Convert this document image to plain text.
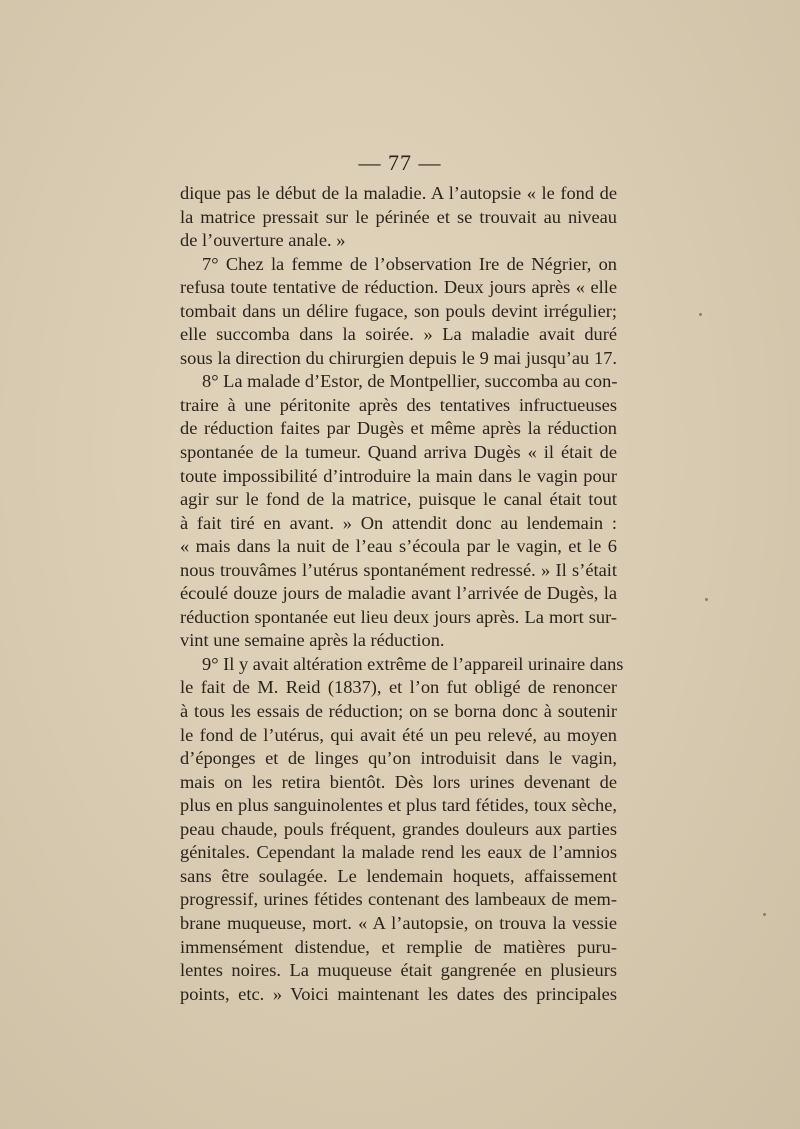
— 77 —
dique pas le début de la maladie. A l’autopsie « le fond de
la matrice pressait sur le périnée et se trouvait au niveau
de l’ouverture anale. »
7° Chez la femme de l’observation Ire de Négrier, on
refusa toute tentative de réduction. Deux jours après « elle
tombait dans un délire fugace, son pouls devint irrégulier;
elle succomba dans la soirée. » La maladie avait duré
sous la direction du chirurgien depuis le 9 mai jusqu’au 17.
8° La malade d’Estor, de Montpellier, succomba au con-
traire à une péritonite après des tentatives infructueuses
de réduction faites par Dugès et même après la réduction
spontanée de la tumeur. Quand arriva Dugès « il était de
toute impossibilité d’introduire la main dans le vagin pour
agir sur le fond de la matrice, puisque le canal était tout
à fait tiré en avant. » On attendit donc au lendemain :
« mais dans la nuit de l’eau s’écoula par le vagin, et le 6
nous trouvâmes l’utérus spontanément redressé. » Il s’était
écoulé douze jours de maladie avant l’arrivée de Dugès, la
réduction spontanée eut lieu deux jours après. La mort sur-
vint une semaine après la réduction.
9° Il y avait altération extrême de l’appareil urinaire dans
le fait de M. Reid (1837), et l’on fut obligé de renoncer
à tous les essais de réduction; on se borna donc à soutenir
le fond de l’utérus, qui avait été un peu relevé, au moyen
d’éponges et de linges qu’on introduisit dans le vagin,
mais on les retira bientôt. Dès lors urines devenant de
plus en plus sanguinolentes et plus tard fétides, toux sèche,
peau chaude, pouls fréquent, grandes douleurs aux parties
génitales. Cependant la malade rend les eaux de l’amnios
sans être soulagée. Le lendemain hoquets, affaissement
progressif, urines fétides contenant des lambeaux de mem-
brane muqueuse, mort. « A l’autopsie, on trouva la vessie
immensément distendue, et remplie de matières puru-
lentes noires. La muqueuse était gangrenée en plusieurs
points, etc. » Voici maintenant les dates des principales
